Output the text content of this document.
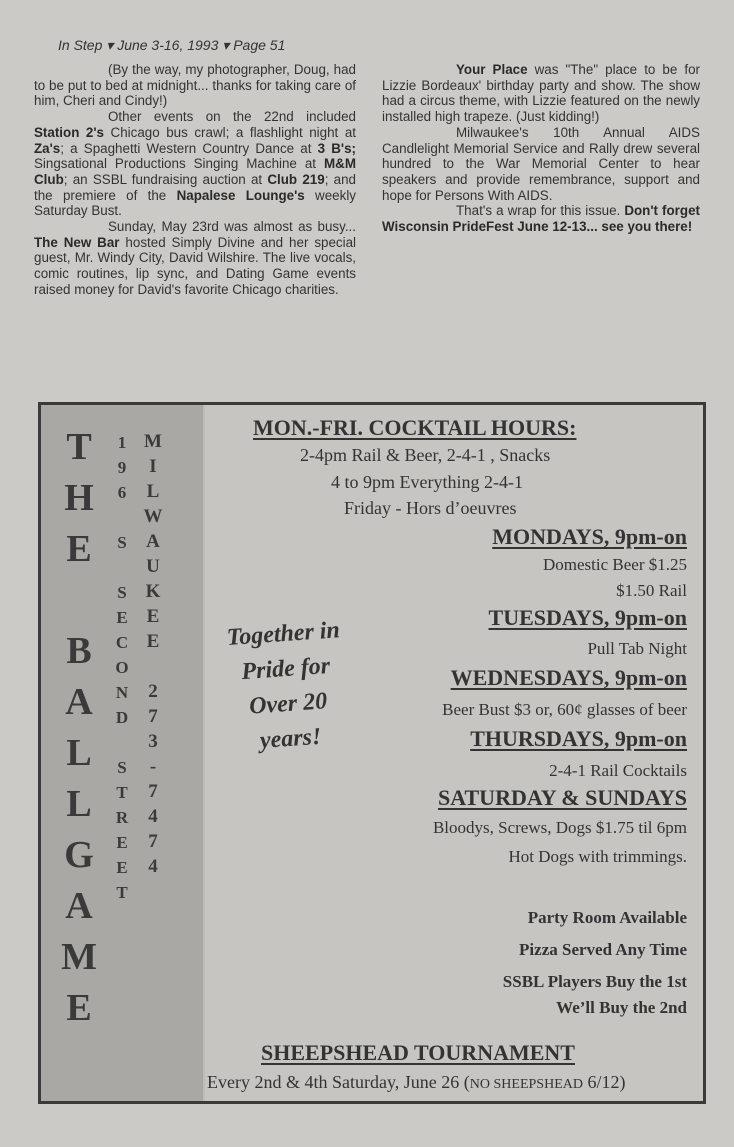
In Step ▾ June 3-16, 1993 ▾ Page 51

(By the way, my photographer, Doug, had to be put to bed at midnight... thanks for taking care of him, Cheri and Cindy!)

Other events on the 22nd included Station 2's Chicago bus crawl; a flashlight night at Za's; a Spaghetti Western Country Dance at 3 B's; Singsational Productions Singing Machine at M&M Club; an SSBL fundraising auction at Club 219; and the premiere of the Napalese Lounge's weekly Saturday Bust.

Sunday, May 23rd was almost as busy... The New Bar hosted Simply Divine and her special guest, Mr. Windy City, David Wilshire. The live vocals, comic routines, lip sync, and Dating Game events raised money for David's favorite Chicago charities.

Your Place was "The" place to be for Lizzie Bordeaux' birthday party and show. The show had a circus theme, with Lizzie featured on the newly installed high trapeze. (Just kidding!)

Milwaukee's 10th Annual AIDS Candlelight Memorial Service and Rally drew several hundred to the War Memorial Center to hear speakers and provide remembrance, support and hope for Persons With AIDS.

That's a wrap for this issue. Don't forget Wisconsin PrideFest June 12-13... see you there!

T
H
E
B
A
L
L
G
A
M
E
1
9
6
S
S
E
C
O
N
D
S
T
R
E
E
T
M
I
L
W
A
U
K
E
E
2
7
3
-
7
4
7
4
Together in
Pride for
Over 20
years!
MON.-FRI. COCKTAIL HOURS:
2-4pm Rail & Beer, 2-4-1 , Snacks
4 to 9pm Everything 2-4-1
Friday - Hors d’oeuvres
MONDAYS, 9pm-on
Domestic Beer $1.25
$1.50 Rail
TUESDAYS, 9pm-on
Pull Tab Night
WEDNESDAYS, 9pm-on
Beer Bust $3 or, 60¢ glasses of beer
THURSDAYS, 9pm-on
2-4-1 Rail Cocktails
SATURDAY & SUNDAYS
Bloodys, Screws, Dogs $1.75 til 6pm
Hot Dogs with trimmings.
Party Room Available
Pizza Served Any Time
SSBL Players Buy the 1st
We’ll Buy the 2nd
SHEEPSHEAD TOURNAMENT
Every 2nd & 4th Saturday, June 26 (NO SHEEPSHEAD 6/12)
